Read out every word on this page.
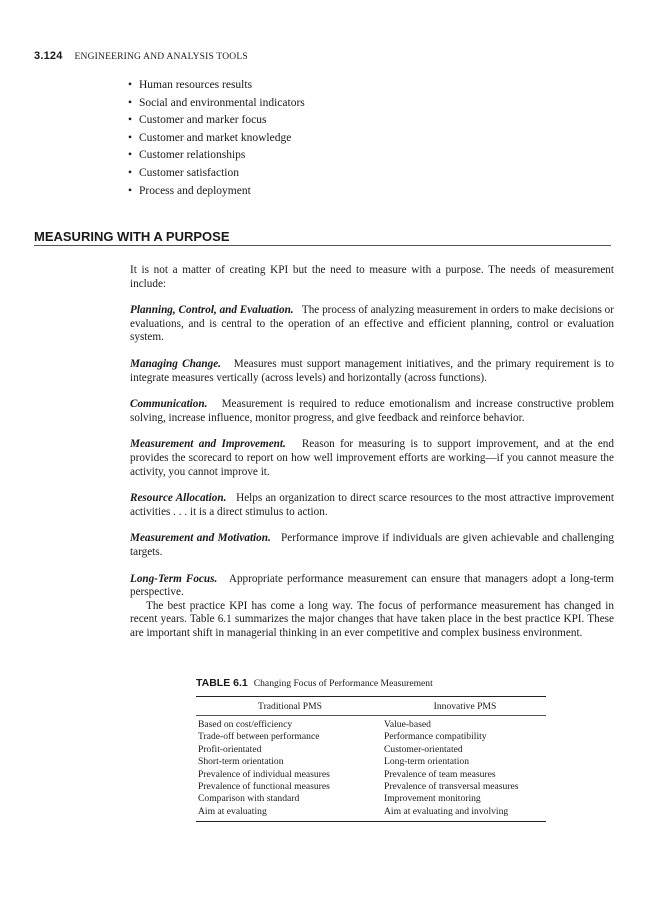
3.124 ENGINEERING AND ANALYSIS TOOLS
• Human resources results
• Social and environmental indicators
• Customer and marker focus
• Customer and market knowledge
• Customer relationships
• Customer satisfaction
• Process and deployment
MEASURING WITH A PURPOSE

It is not a matter of creating KPI but the need to measure with a purpose. The needs of measurement include:

Planning, Control, and Evaluation. The process of analyzing measurement in orders to make decisions or evaluations, and is central to the operation of an effective and efficient planning, control or evaluation system.

Managing Change. Measures must support management initiatives, and the primary requirement is to integrate measures vertically (across levels) and horizontally (across functions).

Communication. Measurement is required to reduce emotionalism and increase constructive problem solving, increase influence, monitor progress, and give feedback and reinforce behavior.

Measurement and Improvement. Reason for measuring is to support improvement, and at the end provides the scorecard to report on how well improvement efforts are working—if you cannot measure the activity, you cannot improve it.

Resource Allocation. Helps an organization to direct scarce resources to the most attractive improvement activities . . . it is a direct stimulus to action.

Measurement and Motivation. Performance improve if individuals are given achievable and challenging targets.

Long-Term Focus. Appropriate performance measurement can ensure that managers adopt a long-term perspective.

The best practice KPI has come a long way. The focus of performance measurement has changed in recent years. Table 6.1 summarizes the major changes that have taken place in the best practice KPI. These are important shift in managerial thinking in an ever competitive and complex business environment.

TABLE 6.1 Changing Focus of Performance Measurement
Traditional PMS	Innovative PMS
Based on cost/efficiency	Value-based
Trade-off between performance	Performance compatibility
Profit-orientated	Customer-orientated
Short-term orientation	Long-term orientation
Prevalence of individual measures	Prevalence of team measures
Prevalence of functional measures	Prevalence of transversal measures
Comparison with standard	Improvement monitoring
Aim at evaluating	Aim at evaluating and involving
